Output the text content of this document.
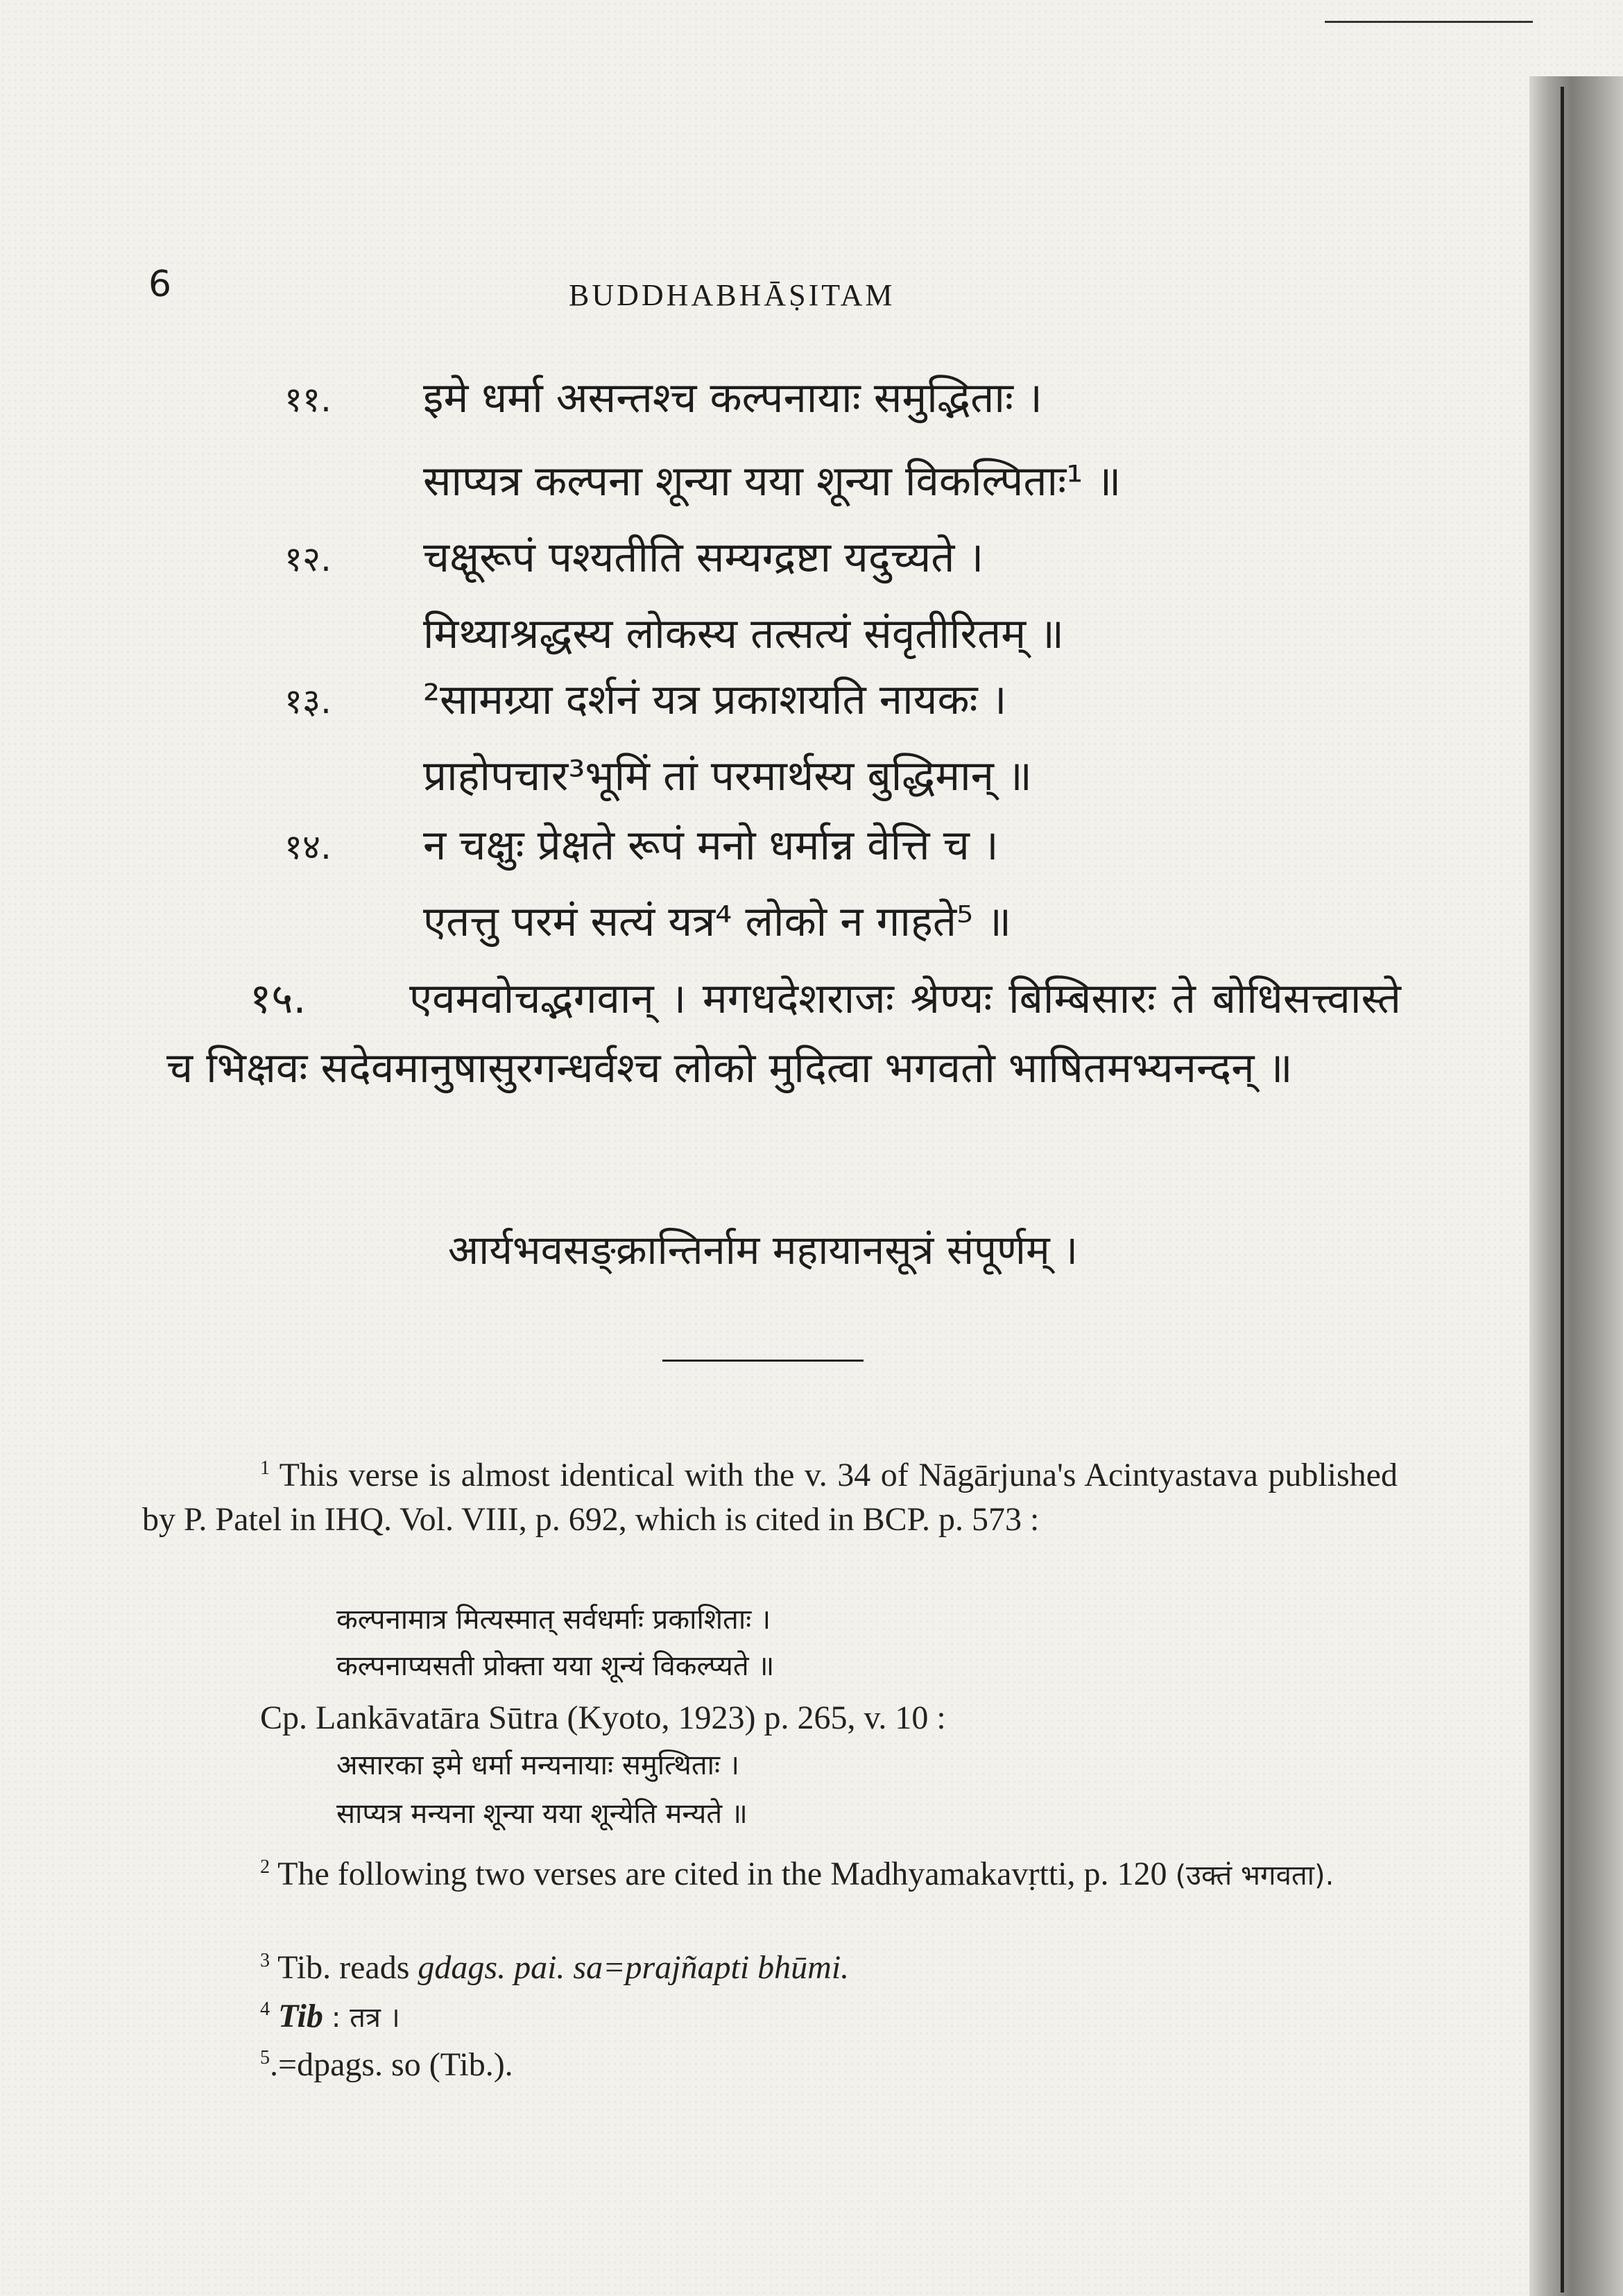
6	BUDDHABHĀṢITAM
११. इमे धर्मा असन्तश्च कल्पनायाः समुद्भिताः ।
साप्यत्र कल्पना शून्या यया शून्या विकल्पिताः¹ ॥
१२. चक्षूरूपं पश्यतीति सम्यग्द्रष्टा यदुच्यते ।
मिथ्याश्रद्धस्य लोकस्य तत्सत्यं संवृतीरितम् ॥
१३. ²सामग्र्या दर्शनं यत्र प्रकाशयति नायकः ।
प्राहोपचार³भूमिं तां परमार्थस्य बुद्धिमान् ॥
१४. न चक्षुः प्रेक्षते रूपं मनो धर्मान्न वेत्ति च ।
एतत्तु परमं सत्यं यत्र⁴ लोको न गाहते⁵ ॥
१५. एवमवोचद्भगवान् । मगधदेशराजः श्रेण्यः बिम्बिसारः ते बोधिसत्त्वास्ते च भिक्षवः सदेवमानुषासुरगन्धर्वश्च लोको मुदित्वा भगवतो भाषितमभ्यनन्दन् ॥
आर्यभवसङ्क्रान्तिर्नाम महायानसूत्रं संपूर्णम् ।
$^1$ This verse is almost identical with the v. 34 of Nāgārjuna's Acintyastava published by P. Patel in IHQ. Vol. VIII, p. 692, which is cited in BCP. p. 573 :
कल्पनामात्र मित्यस्मात् सर्वधर्माः प्रकाशिताः ।
कल्पनाप्यसती प्रोक्ता यया शून्यं विकल्प्यते ॥
Cp. Lankāvatāra Sūtra (Kyoto, 1923) p. 265, v. 10 :
असारका इमे धर्मा मन्यनायाः समुत्थिताः ।
साप्यत्र मन्यना शून्या यया शून्येति मन्यते ॥
$^2$ The following two verses are cited in the Madhyamakavṛtti, p. 120 (उक्तं भगवता).
$^3$ Tib. reads gdags. pai. sa=prajñapti bhūmi.
$^4$ Tib : तत्र ।
$^5$.=dpags. so (Tib.).
